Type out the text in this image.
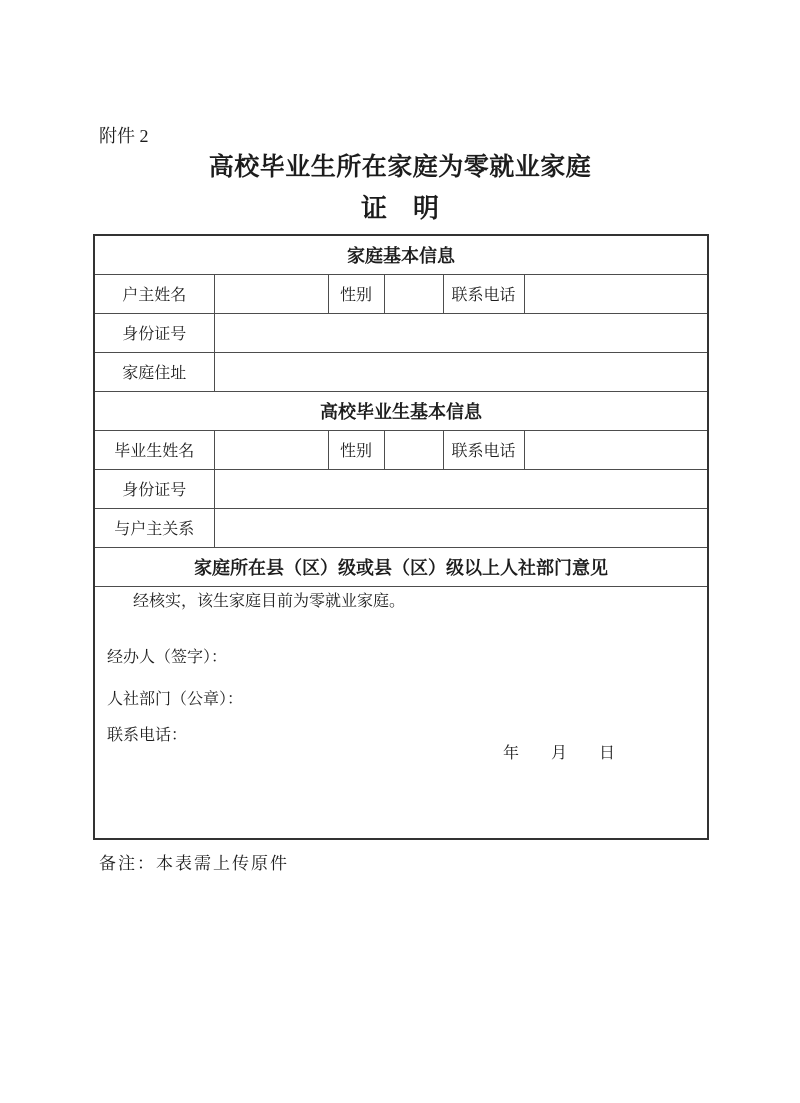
附件 2
高校毕业生所在家庭为零就业家庭
证　明
家庭基本信息					
户主姓名		性别		联系电话	
身份证号					
家庭住址					
高校毕业生基本信息					
毕业生姓名		性别		联系电话	
身份证号					
与户主关系					
家庭所在县（区）级或县（区）级以上人社部门意见					

经核实，该生家庭目前为零就业家庭。

经办人（签字）：

人社部门（公章）：

联系电话：

年　　月　　日					

备注：本表需上传原件
